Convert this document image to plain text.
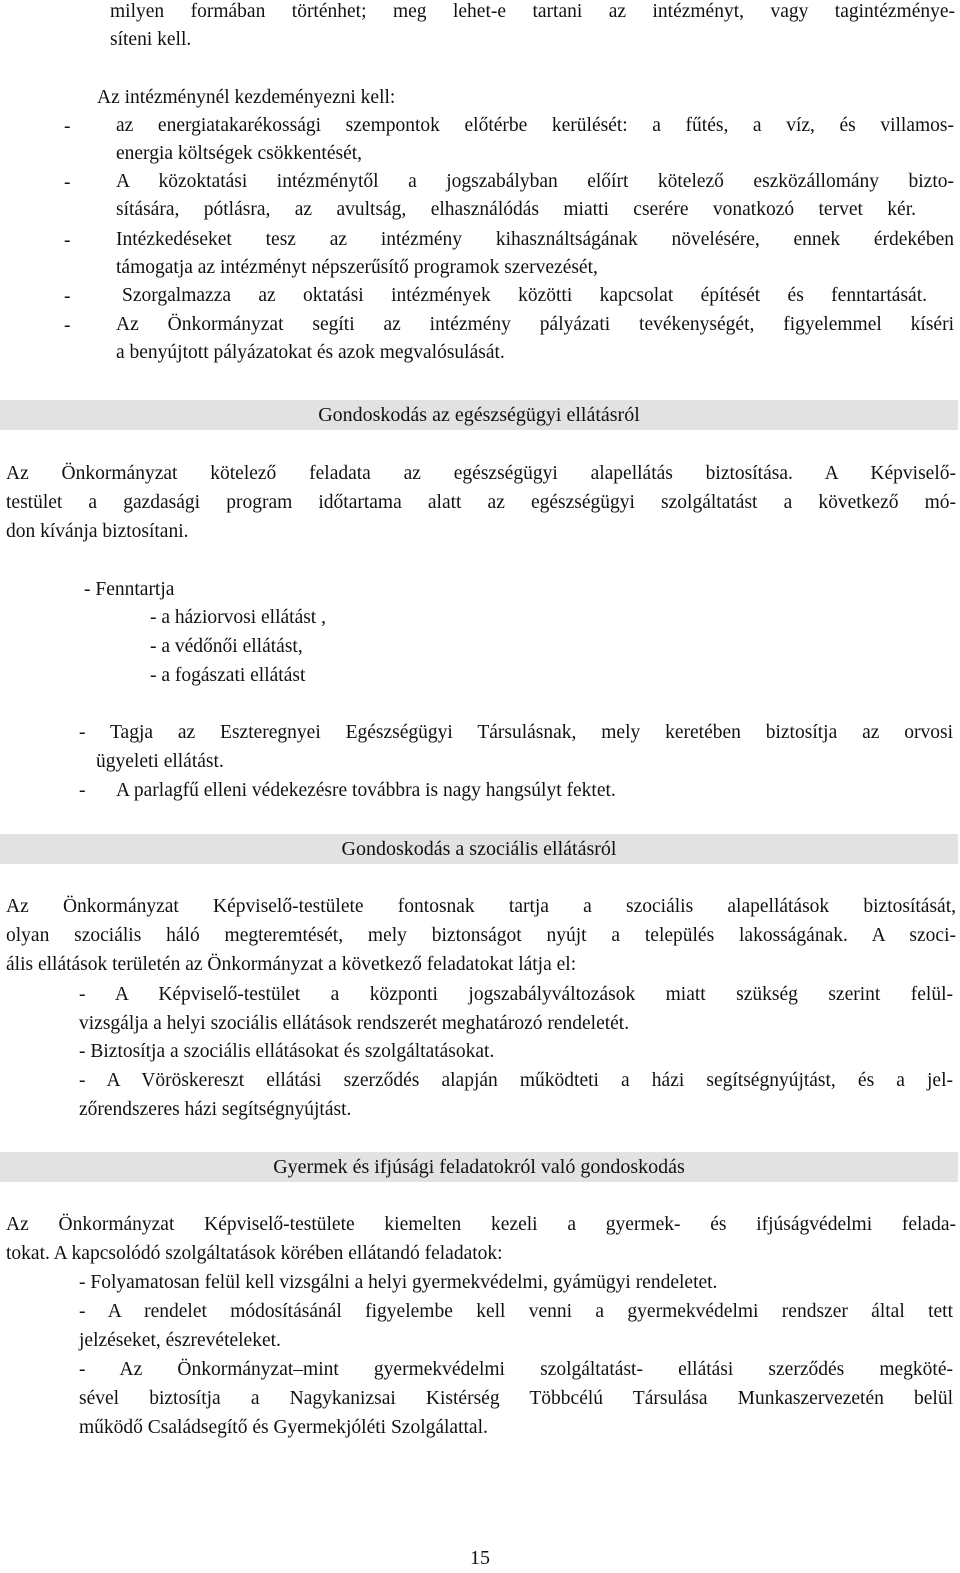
milyen formában történhet; meg lehet-e tartani az intézményt, vagy tagintézménye-
síteni kell.
Az intézménynél kezdeményezni kell:
- az energiatakarékossági szempontok előtérbe kerülését: a fűtés, a víz, és villamos-
energia költségek csökkentését,
- A közoktatási intézménytől a jogszabályban előírt kötelező eszközállomány bizto-
sítására, pótlásra, az avultság, elhasználódás miatti cserére vonatkozó tervet kér.
- Intézkedéseket tesz az intézmény kihasználtságának növelésére, ennek érdekében
támogatja az intézményt népszerűsítő programok szervezését,
-	Szorgalmazza az oktatási intézmények közötti kapcsolat építését és fenntartását.
- Az Önkormányzat segíti az intézmény pályázati tevékenységét, figyelemmel kíséri
a benyújtott pályázatokat és azok megvalósulását.
Gondoskodás az egészségügyi ellátásról
Az Önkormányzat kötelező feladata az egészségügyi alapellátás biztosítása. A Képviselő-
testület a gazdasági program időtartama alatt az egészségügyi szolgáltatást a következő mó-
don kívánja biztosítani.
- Fenntartja
- a háziorvosi ellátást ,
- a védőnői ellátást,
- a fogászati ellátást
- Tagja az Eszteregnyei Egészségügyi Társulásnak, mely keretében biztosítja az orvosi
ügyeleti ellátást.
- A parlagfű elleni védekezésre továbbra is nagy hangsúlyt fektet.
Gondoskodás a szociális ellátásról
Az Önkormányzat Képviselő-testülete fontosnak tartja a szociális alapellátások biztosítását,
olyan szociális háló megteremtését, mely biztonságot nyújt a település lakosságának. A szoci-
ális ellátások területén az Önkormányzat a következő feladatokat látja el:
- A Képviselő-testület a központi jogszabályváltozások miatt szükség szerint felül-
vizsgálja a helyi szociális ellátások rendszerét meghatározó rendeletét.
- Biztosítja a szociális ellátásokat és szolgáltatásokat.
- A Vöröskereszt ellátási szerződés alapján működteti a házi segítségnyújtást, és a jel-
zőrendszeres házi segítségnyújtást.
Gyermek és ifjúsági feladatokról való gondoskodás
Az Önkormányzat Képviselő-testülete kiemelten kezeli a gyermek- és ifjúságvédelmi felada-
tokat. A kapcsolódó szolgáltatások körében ellátandó feladatok:
- Folyamatosan felül kell vizsgálni a helyi gyermekvédelmi, gyámügyi rendeletet.
- A rendelet módosításánál figyelembe kell venni a gyermekvédelmi rendszer által tett
jelzéseket, észrevételeket.
- Az Önkormányzat–mint gyermekvédelmi szolgáltatást- ellátási szerződés megköté-
sével biztosítja a Nagykanizsai Kistérség Többcélú Társulása Munkaszervezetén belül
működő Családsegítő és Gyermekjóléti Szolgálattal.
15
